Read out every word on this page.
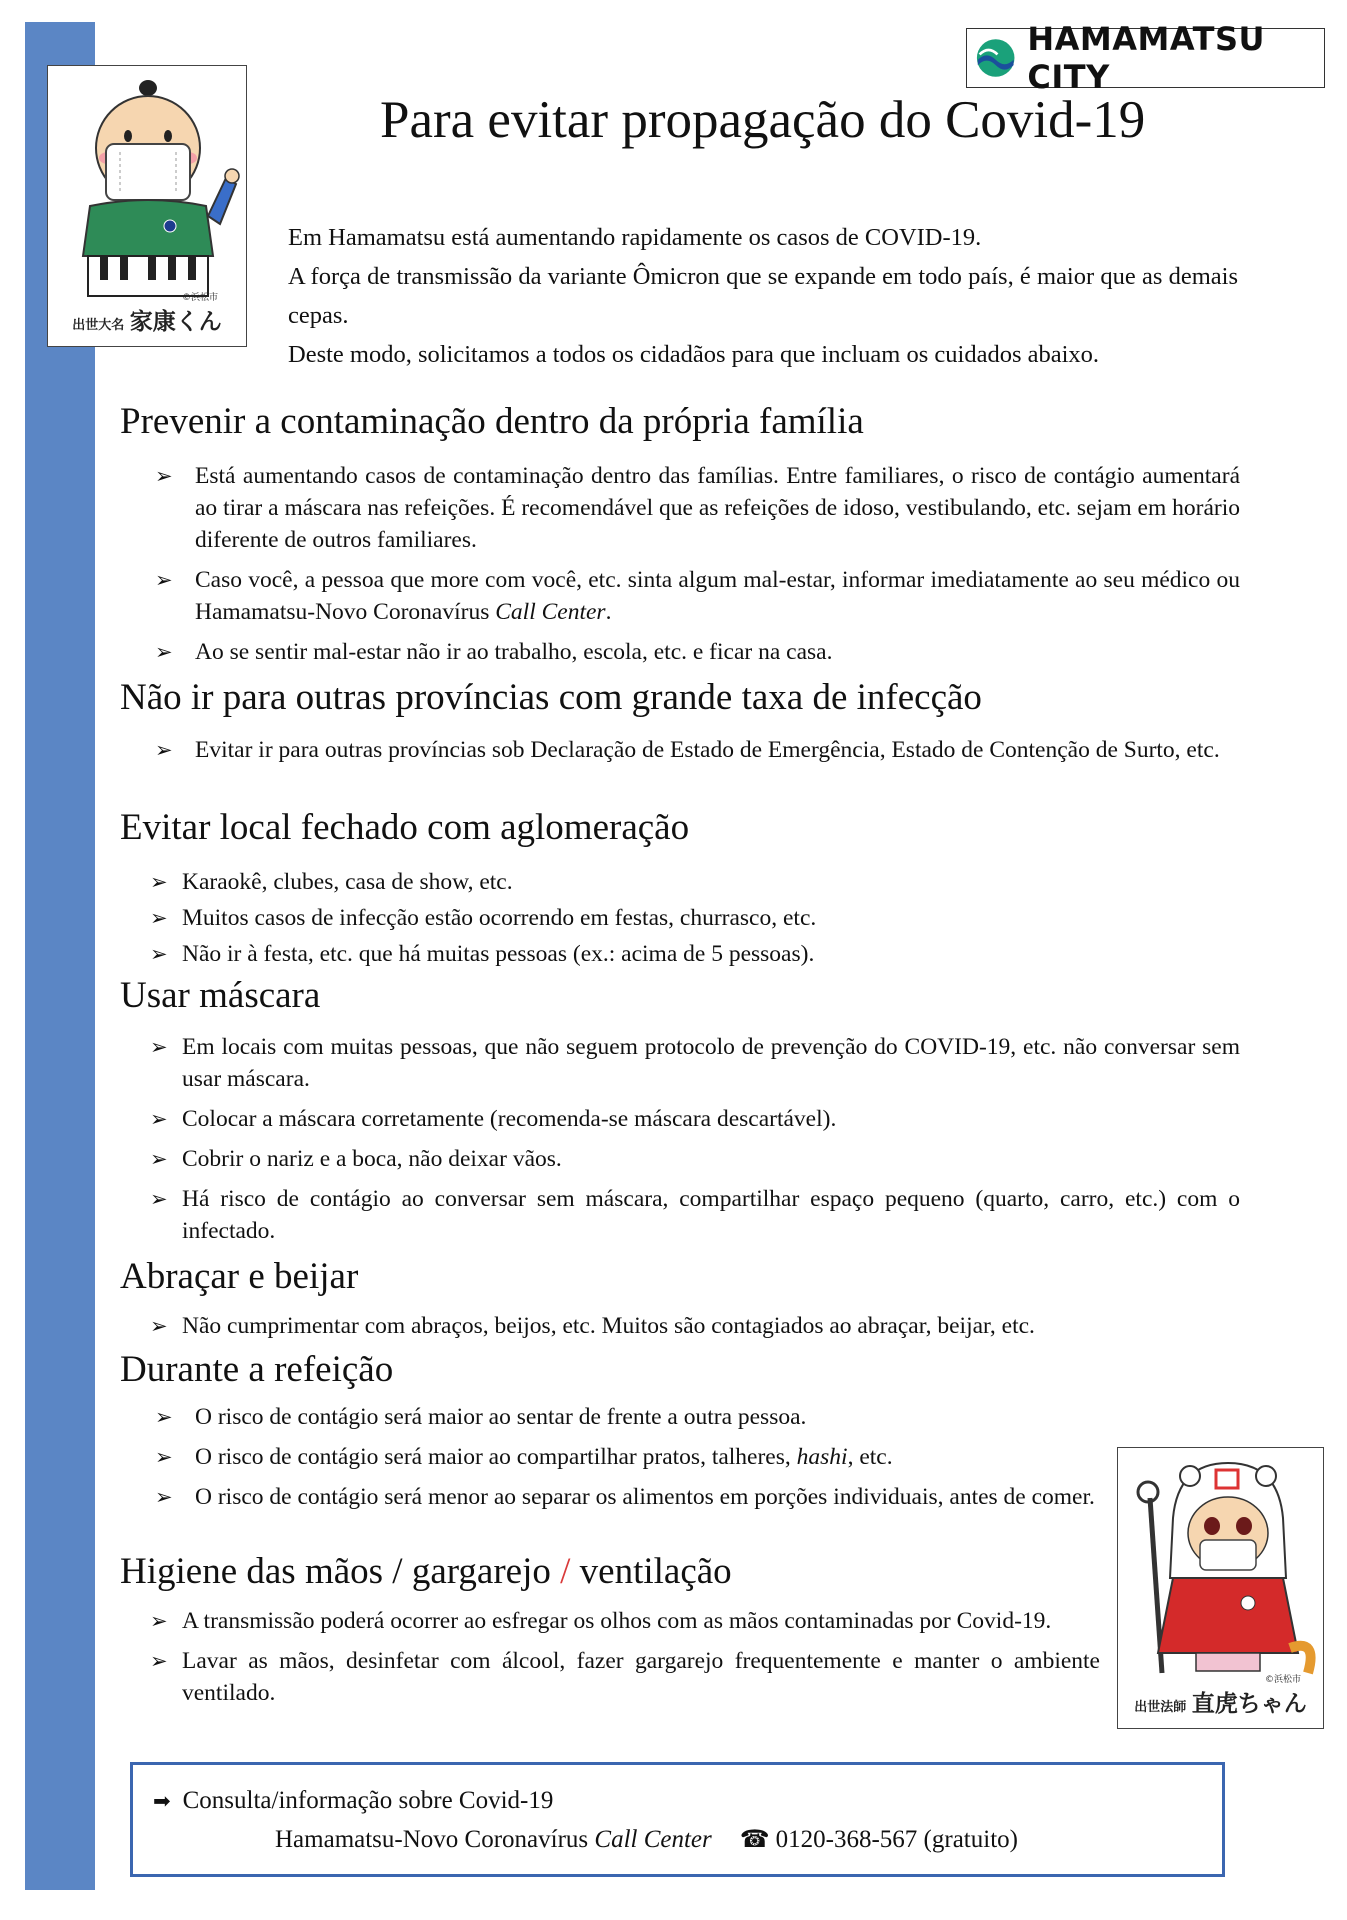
©浜松市
出世大名 家康くん
HAMAMATSU CITY
Para evitar propagação do Covid-19

Em Hamamatsu está aumentando rapidamente os casos de COVID-19.

A força de transmissão da variante Ômicron que se expande em todo país, é maior que as demais cepas.

Deste modo, solicitamos a todos os cidadãos para que incluam os cuidados abaixo.

Prevenir a contaminação dentro da própria família
➢ Está aumentando casos de contaminação dentro das famílias. Entre familiares, o risco de contágio aumentará ao tirar a máscara nas refeições. É recomendável que as refeições de idoso, vestibulando, etc. sejam em horário diferente de outros familiares.
➢ Caso você, a pessoa que more com você, etc. sinta algum mal-estar, informar imediatamente ao seu médico ou Hamamatsu-Novo Coronavírus Call Center.
➢ Ao se sentir mal-estar não ir ao trabalho, escola, etc. e ficar na casa.
Não ir para outras províncias com grande taxa de infecção
➢ Evitar ir para outras províncias sob Declaração de Estado de Emergência, Estado de Contenção de Surto, etc.
Evitar local fechado com aglomeração
➢ Karaokê, clubes, casa de show, etc.
➢ Muitos casos de infecção estão ocorrendo em festas, churrasco, etc.
➢ Não ir à festa, etc. que há muitas pessoas (ex.: acima de 5 pessoas).
Usar máscara
➢ Em locais com muitas pessoas, que não seguem protocolo de prevenção do COVID-19, etc. não conversar sem usar máscara.
➢ Colocar a máscara corretamente (recomenda-se máscara descartável).
➢ Cobrir o nariz e a boca, não deixar vãos.
➢ Há risco de contágio ao conversar sem máscara, compartilhar espaço pequeno (quarto, carro, etc.) com o infectado.
Abraçar e beijar
➢ Não cumprimentar com abraços, beijos, etc. Muitos são contagiados ao abraçar, beijar, etc.
Durante a refeição
➢ O risco de contágio será maior ao sentar de frente a outra pessoa.
➢ O risco de contágio será maior ao compartilhar pratos, talheres, hashi, etc.
➢ O risco de contágio será menor ao separar os alimentos em porções individuais, antes de comer.
Higiene das mãos / gargarejo / ventilação
➢ A transmissão poderá ocorrer ao esfregar os olhos com as mãos contaminadas por Covid-19.
➢ Lavar as mãos, desinfetar com álcool, fazer gargarejo frequentemente e manter o ambiente ventilado.	©浜松市
出世法師 直虎ちゃん
➡ Consulta/informação sobre Covid-19
Hamamatsu-Novo Coronavírus Call Center ☎ 0120-368-567 (gratuito)
